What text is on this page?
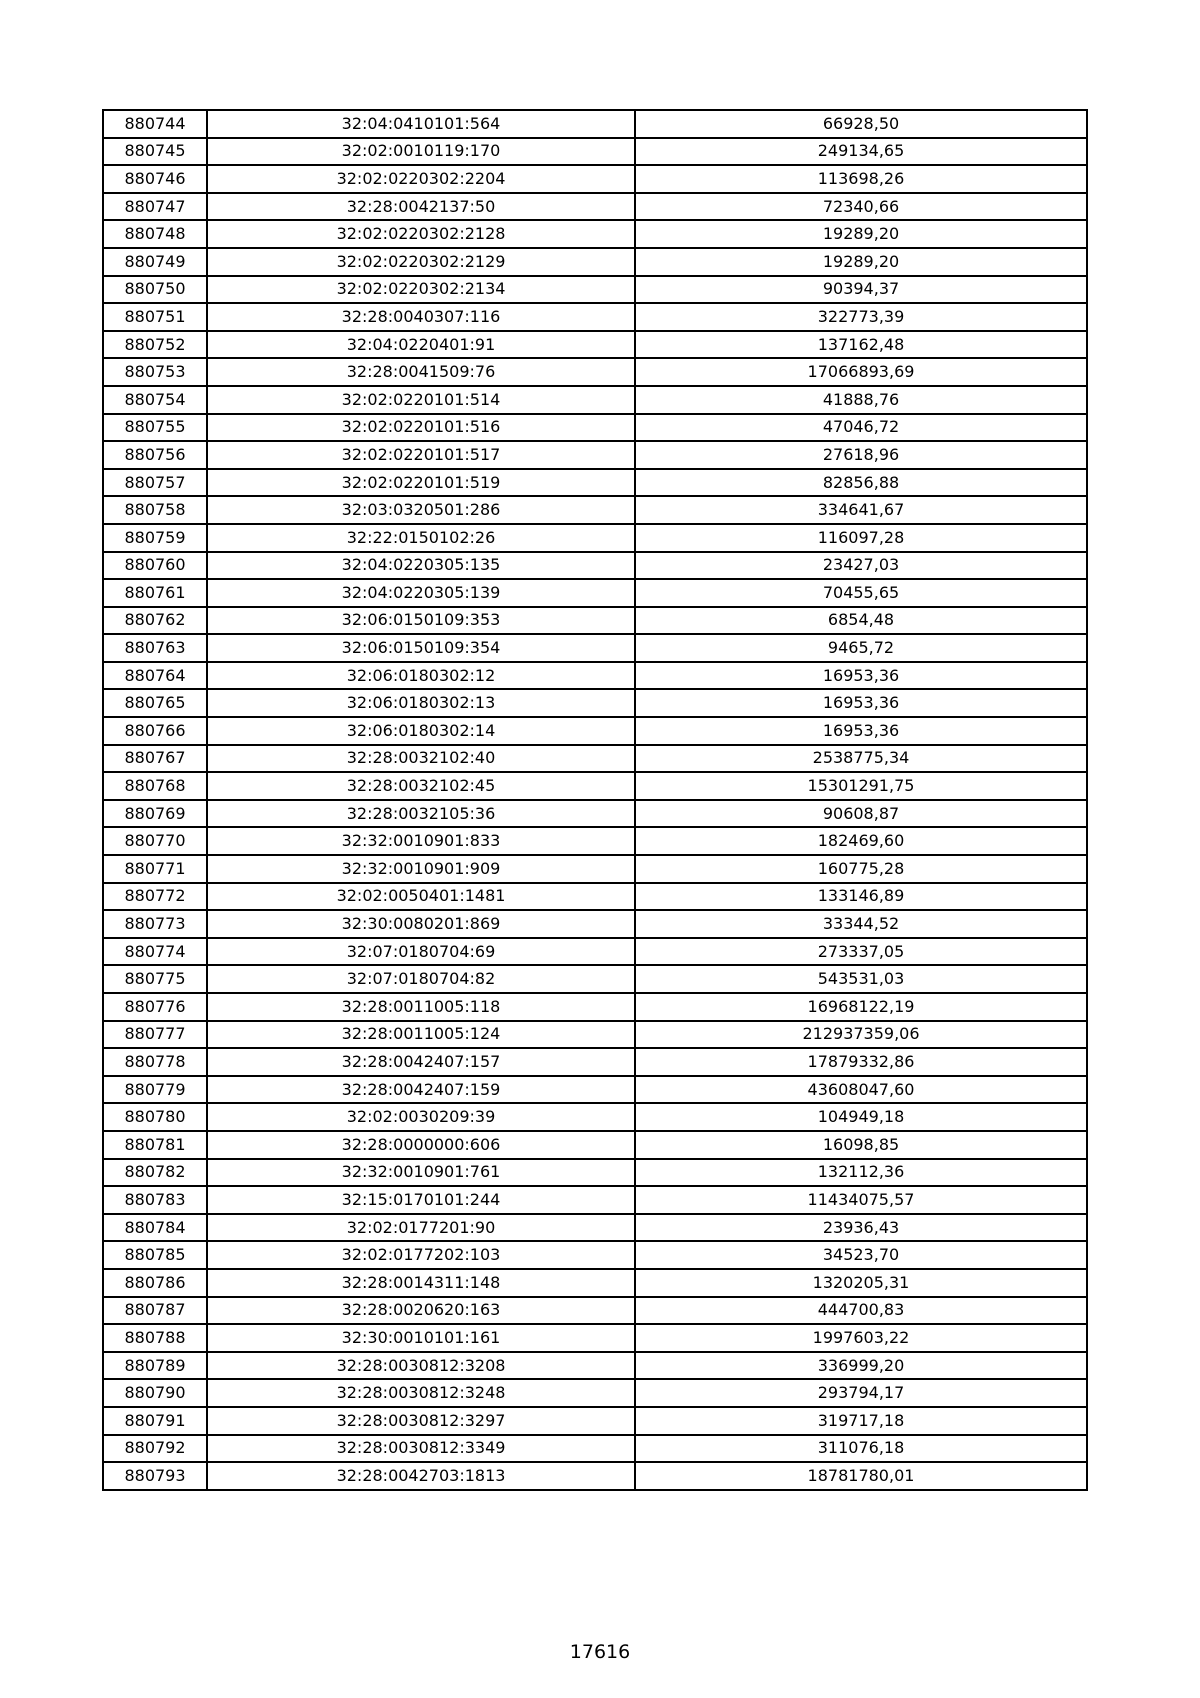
880744	32:04:0410101:564	66928,50
880745	32:02:0010119:170	249134,65
880746	32:02:0220302:2204	113698,26
880747	32:28:0042137:50	72340,66
880748	32:02:0220302:2128	19289,20
880749	32:02:0220302:2129	19289,20
880750	32:02:0220302:2134	90394,37
880751	32:28:0040307:116	322773,39
880752	32:04:0220401:91	137162,48
880753	32:28:0041509:76	17066893,69
880754	32:02:0220101:514	41888,76
880755	32:02:0220101:516	47046,72
880756	32:02:0220101:517	27618,96
880757	32:02:0220101:519	82856,88
880758	32:03:0320501:286	334641,67
880759	32:22:0150102:26	116097,28
880760	32:04:0220305:135	23427,03
880761	32:04:0220305:139	70455,65
880762	32:06:0150109:353	6854,48
880763	32:06:0150109:354	9465,72
880764	32:06:0180302:12	16953,36
880765	32:06:0180302:13	16953,36
880766	32:06:0180302:14	16953,36
880767	32:28:0032102:40	2538775,34
880768	32:28:0032102:45	15301291,75
880769	32:28:0032105:36	90608,87
880770	32:32:0010901:833	182469,60
880771	32:32:0010901:909	160775,28
880772	32:02:0050401:1481	133146,89
880773	32:30:0080201:869	33344,52
880774	32:07:0180704:69	273337,05
880775	32:07:0180704:82	543531,03
880776	32:28:0011005:118	16968122,19
880777	32:28:0011005:124	212937359,06
880778	32:28:0042407:157	17879332,86
880779	32:28:0042407:159	43608047,60
880780	32:02:0030209:39	104949,18
880781	32:28:0000000:606	16098,85
880782	32:32:0010901:761	132112,36
880783	32:15:0170101:244	11434075,57
880784	32:02:0177201:90	23936,43
880785	32:02:0177202:103	34523,70
880786	32:28:0014311:148	1320205,31
880787	32:28:0020620:163	444700,83
880788	32:30:0010101:161	1997603,22
880789	32:28:0030812:3208	336999,20
880790	32:28:0030812:3248	293794,17
880791	32:28:0030812:3297	319717,18
880792	32:28:0030812:3349	311076,18
880793	32:28:0042703:1813	18781780,01
17616
